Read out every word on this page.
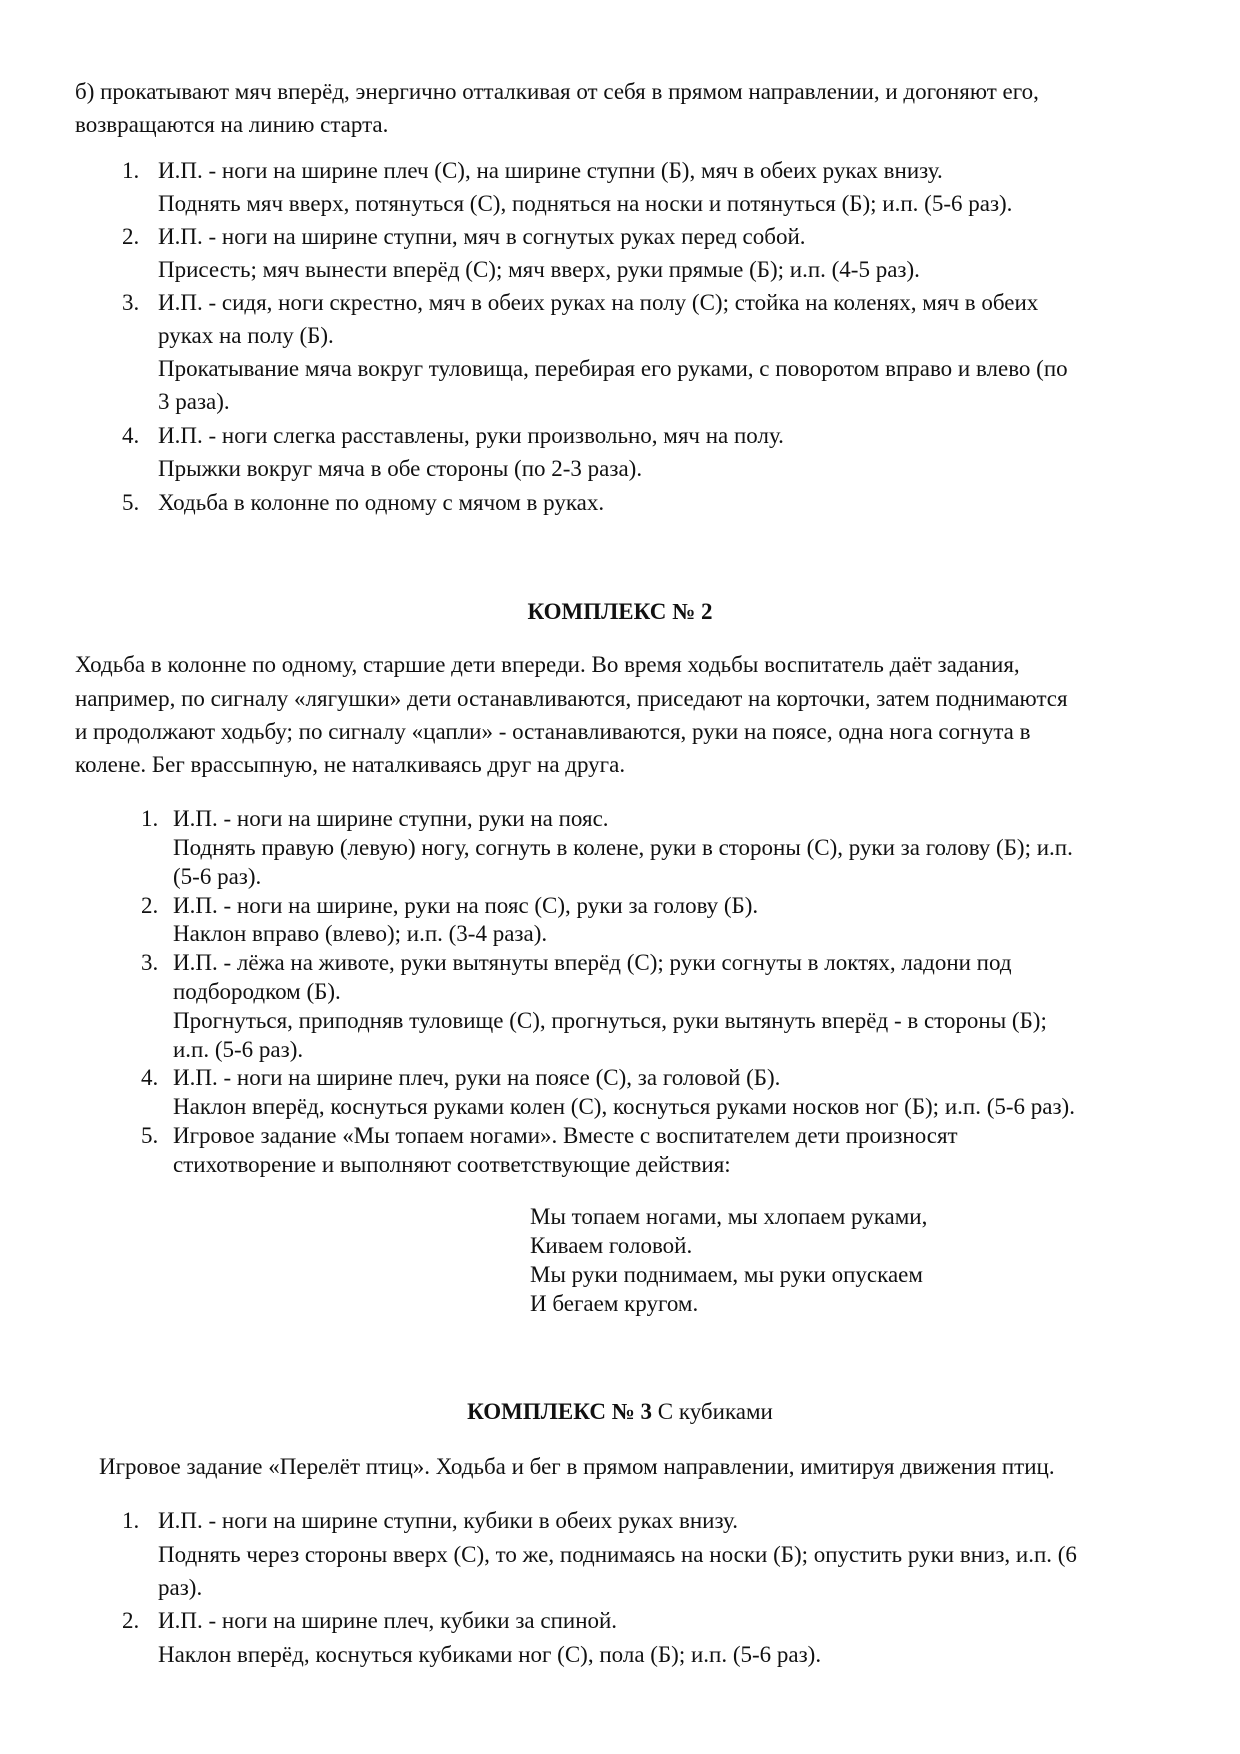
б) прокатывают мяч вперёд, энергично отталкивая от себя в прямом направлении, и догоняют его,
возвращаются на линию старта.
1. И.П. - ноги на ширине плеч (С), на ширине ступни (Б), мяч в обеих руках внизу.
Поднять мяч вверх, потянуться (С), подняться на носки и потянуться (Б); и.п. (5-6 раз).
2. И.П. - ноги на ширине ступни, мяч в согнутых руках перед собой.
Присесть; мяч вынести вперёд (С); мяч вверх, руки прямые (Б); и.п. (4-5 раз).
3. И.П. - сидя, ноги скрестно, мяч в обеих руках на полу (С); стойка на коленях, мяч в обеих
руках на полу (Б).
Прокатывание мяча вокруг туловища, перебирая его руками, с поворотом вправо и влево (по
3 раза).
4. И.П. - ноги слегка расставлены, руки произвольно, мяч на полу.
Прыжки вокруг мяча в обе стороны (по 2-3 раза).
5. Ходьба в колонне по одному с мячом в руках.
КОМПЛЕКС № 2
Ходьба в колонне по одному, старшие дети впереди. Во время ходьбы воспитатель даёт задания,
например, по сигналу «лягушки» дети останавливаются, приседают на корточки, затем поднимаются
и продолжают ходьбу; по сигналу «цапли» - останавливаются, руки на поясе, одна нога согнута в
колене. Бег врассыпную, не наталкиваясь друг на друга.
1. И.П. - ноги на ширине ступни, руки на пояс.
Поднять правую (левую) ногу, согнуть в колене, руки в стороны (С), руки за голову (Б); и.п.
(5-6 раз).
2. И.П. - ноги на ширине, руки на пояс (С), руки за голову (Б).
Наклон вправо (влево); и.п. (3-4 раза).
3. И.П. - лёжа на животе, руки вытянуты вперёд (С); руки согнуты в локтях, ладони под
подбородком (Б).
Прогнуться, приподняв туловище (С), прогнуться, руки вытянуть вперёд - в стороны (Б);
и.п. (5-6 раз).
4. И.П. - ноги на ширине плеч, руки на поясе (С), за головой (Б).
Наклон вперёд, коснуться руками колен (С), коснуться руками носков ног (Б); и.п. (5-6 раз).
5. Игровое задание «Мы топаем ногами». Вместе с воспитателем дети произносят
стихотворение и выполняют соответствующие действия:
Мы топаем ногами, мы хлопаем руками,
Киваем головой.
Мы руки поднимаем, мы руки опускаем
И бегаем кругом.
КОМПЛЕКС № 3 С кубиками
Игровое задание «Перелёт птиц». Ходьба и бег в прямом направлении, имитируя движения птиц.
1. И.П. - ноги на ширине ступни, кубики в обеих руках внизу.
Поднять через стороны вверх (С), то же, поднимаясь на носки (Б); опустить руки вниз, и.п. (6
раз).
2. И.П. - ноги на ширине плеч, кубики за спиной.
Наклон вперёд, коснуться кубиками ног (С), пола (Б); и.п. (5-6 раз).
